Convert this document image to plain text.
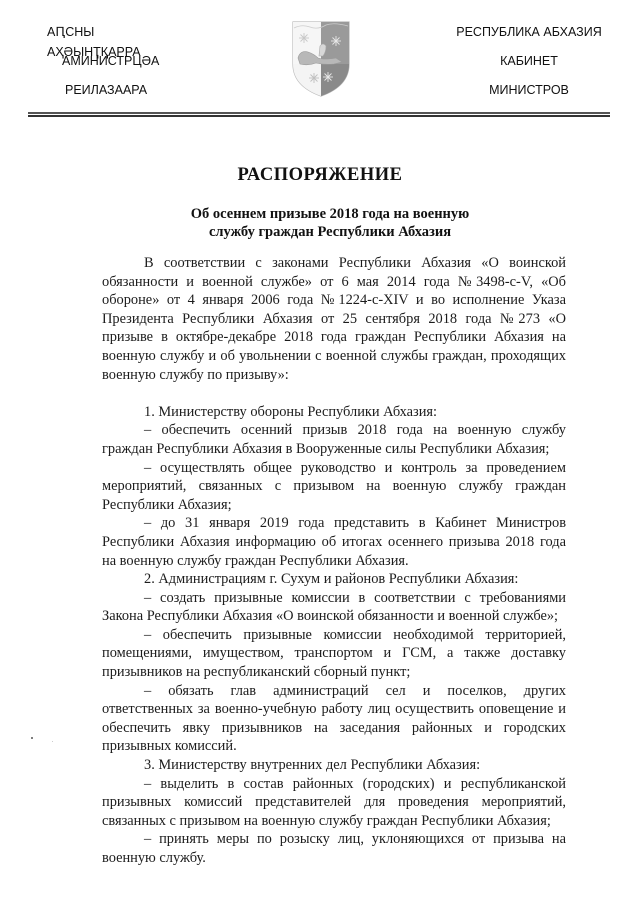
АԤСНЫ АҲӘЫНҬҚАРРА
АМИНИСТРЦӘА
РЕИЛАЗААРА
РЕСПУБЛИКА АБХАЗИЯ
КАБИНЕТ
МИНИСТРОВ
РАСПОРЯЖЕНИЕ
Об осеннем призыве 2018 года на военную
службу граждан Республики Абхазия

В соответствии с законами Республики Абхазия «О воинской обязанности и военной службе» от 6 мая 2014 года №3498-с-V, «Об обороне» от 4 января 2006 года №1224-с-XIV и во исполнение Указа Президента Республики Абхазия от 25 сентября 2018 года №273 «О призыве в октябре-декабре 2018 года граждан Республики Абхазия на военную службу и об увольнении с военной службы граждан, проходящих военную службу по призыву»:

1. Министерству обороны Республики Абхазия:

– обеспечить осенний призыв 2018 года на военную службу граждан Республики Абхазия в Вооруженные силы Республики Абхазия;

– осуществлять общее руководство и контроль за проведением мероприятий, связанных с призывом на военную службу граждан Республики Абхазия;

– до 31 января 2019 года представить в Кабинет Министров Республики Абхазия информацию об итогах осеннего призыва 2018 года на военную службу граждан Республики Абхазия.

2. Администрациям г. Сухум и районов Республики Абхазия:

– создать призывные комиссии в соответствии с требованиями Закона Республики Абхазия «О воинской обязанности и военной службе»;

– обеспечить призывные комиссии необходимой территорией, помещениями, имуществом, транспортом и ГСМ, а также доставку призывников на республиканский сборный пункт;

– обязать глав администраций сел и поселков, других ответственных за военно-учебную работу лиц осуществить оповещение и обеспечить явку призывников на заседания районных и городских призывных комиссий.

3. Министерству внутренних дел Республики Абхазия:

– выделить в состав районных (городских) и республиканской призывных комиссий представителей для проведения мероприятий, связанных с призывом на военную службу граждан Республики Абхазия;

– принять меры по розыску лиц, уклоняющихся от призыва на военную службу.
